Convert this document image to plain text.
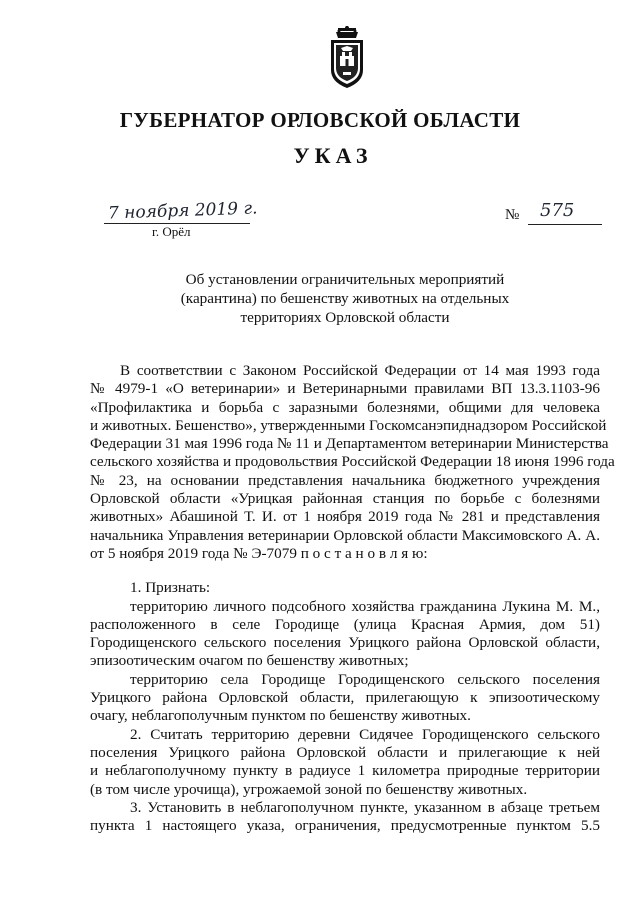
ГУБЕРНАТОР ОРЛОВСКОЙ ОБЛАСТИ
УКАЗ
7 ноября 2019 г.
г. Орёл
№ 575
Об установлении ограничительных мероприятий
(карантина) по бешенству животных на отдельных
территориях Орловской области
В соответствии с Законом Российской Федерации от 14 мая 1993 года
№ 4979-1 «О ветеринарии» и Ветеринарными правилами ВП 13.3.1103-96
«Профилактика и борьба с заразными болезнями, общими для человека
и животных. Бешенство», утвержденными Госкомсанэпиднадзором Российской
Федерации 31 мая 1996 года № 11 и Департаментом ветеринарии Министерства
сельского хозяйства и продовольствия Российской Федерации 18 июня 1996 года
№ 23, на основании представления начальника бюджетного учреждения
Орловской области «Урицкая районная станция по борьбе с болезнями
животных» Абашиной Т. И. от 1 ноября 2019 года № 281 и представления
начальника Управления ветеринарии Орловской области Максимовского А. А.
от 5 ноября 2019 года № Э-7079 п о с т а н о в л я ю:
1. Признать:
территорию личного подсобного хозяйства гражданина Лукина М. М.,
расположенного в селе Городище (улица Красная Армия, дом 51)
Городищенского сельского поселения Урицкого района Орловской области,
эпизоотическим очагом по бешенству животных;
территорию села Городище Городищенского сельского поселения
Урицкого района Орловской области, прилегающую к эпизоотическому
очагу, неблагополучным пунктом по бешенству животных.
2. Считать территорию деревни Сидячее Городищенского сельского
поселения Урицкого района Орловской области и прилегающие к ней
и неблагополучному пункту в радиусе 1 километра природные территории
(в том числе урочища), угрожаемой зоной по бешенству животных.
3. Установить в неблагополучном пункте, указанном в абзаце третьем
пункта 1 настоящего указа, ограничения, предусмотренные пунктом 5.5
